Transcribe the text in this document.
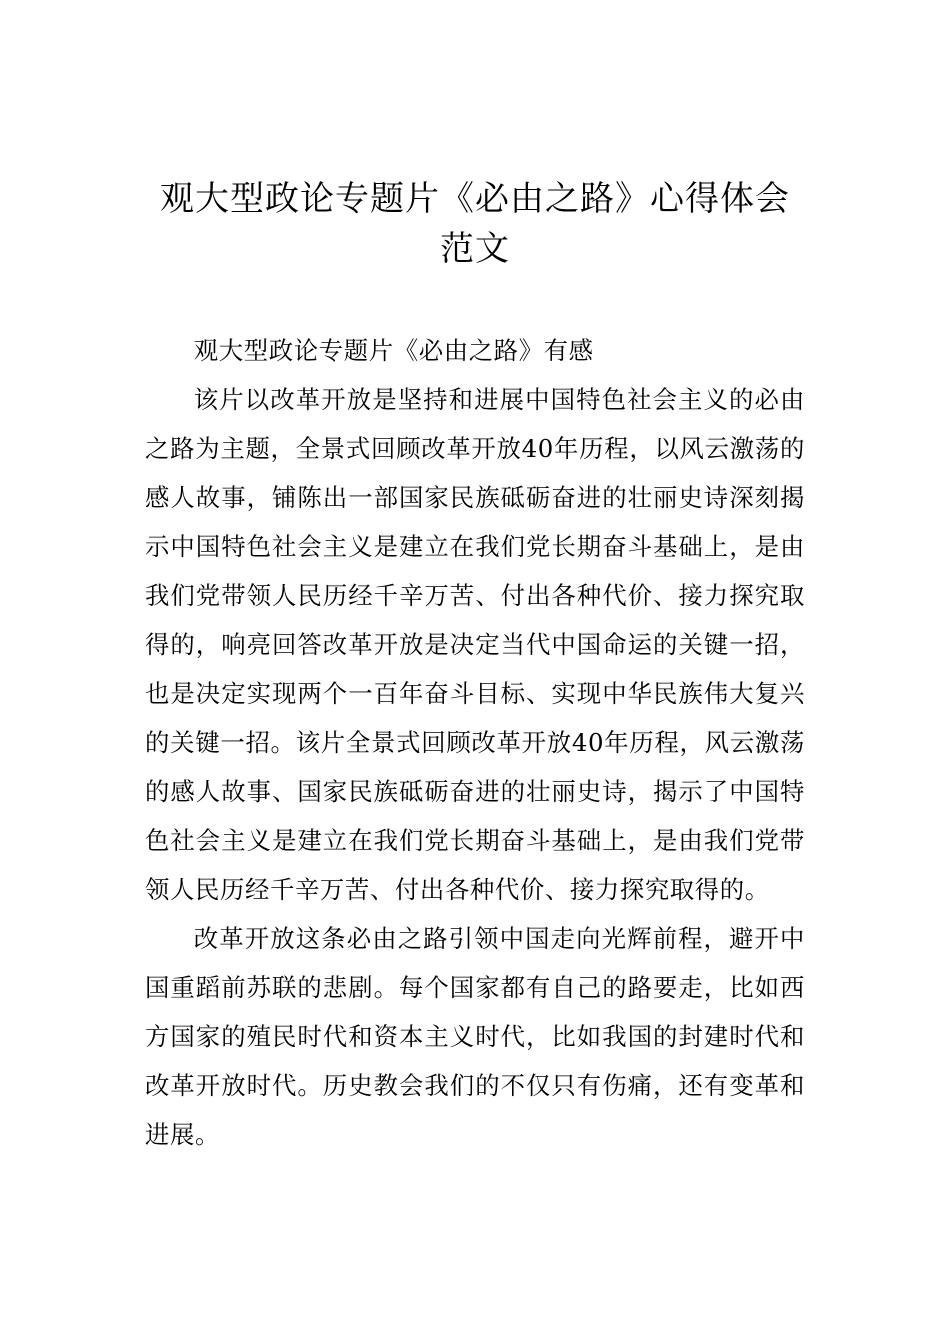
观大型政论专题片《必由之路》心得体会范文

观大型政论专题片《必由之路》有感

该片以改革开放是坚持和进展中国特色社会主义的必由之路为主题，全景式回顾改革开放40年历程，以风云激荡的感人故事，铺陈出一部国家民族砥砺奋进的壮丽史诗深刻揭示中国特色社会主义是建立在我们党长期奋斗基础上，是由我们党带领人民历经千辛万苦、付出各种代价、接力探究取得的，响亮回答改革开放是决定当代中国命运的关键一招，也是决定实现两个一百年奋斗目标、实现中华民族伟大复兴的关键一招。该片全景式回顾改革开放40年历程，风云激荡的感人故事、国家民族砥砺奋进的壮丽史诗，揭示了中国特色社会主义是建立在我们党长期奋斗基础上，是由我们党带领人民历经千辛万苦、付出各种代价、接力探究取得的。

改革开放这条必由之路引领中国走向光辉前程，避开中国重蹈前苏联的悲剧。每个国家都有自己的路要走，比如西方国家的殖民时代和资本主义时代，比如我国的封建时代和改革开放时代。历史教会我们的不仅只有伤痛，还有变革和进展。
